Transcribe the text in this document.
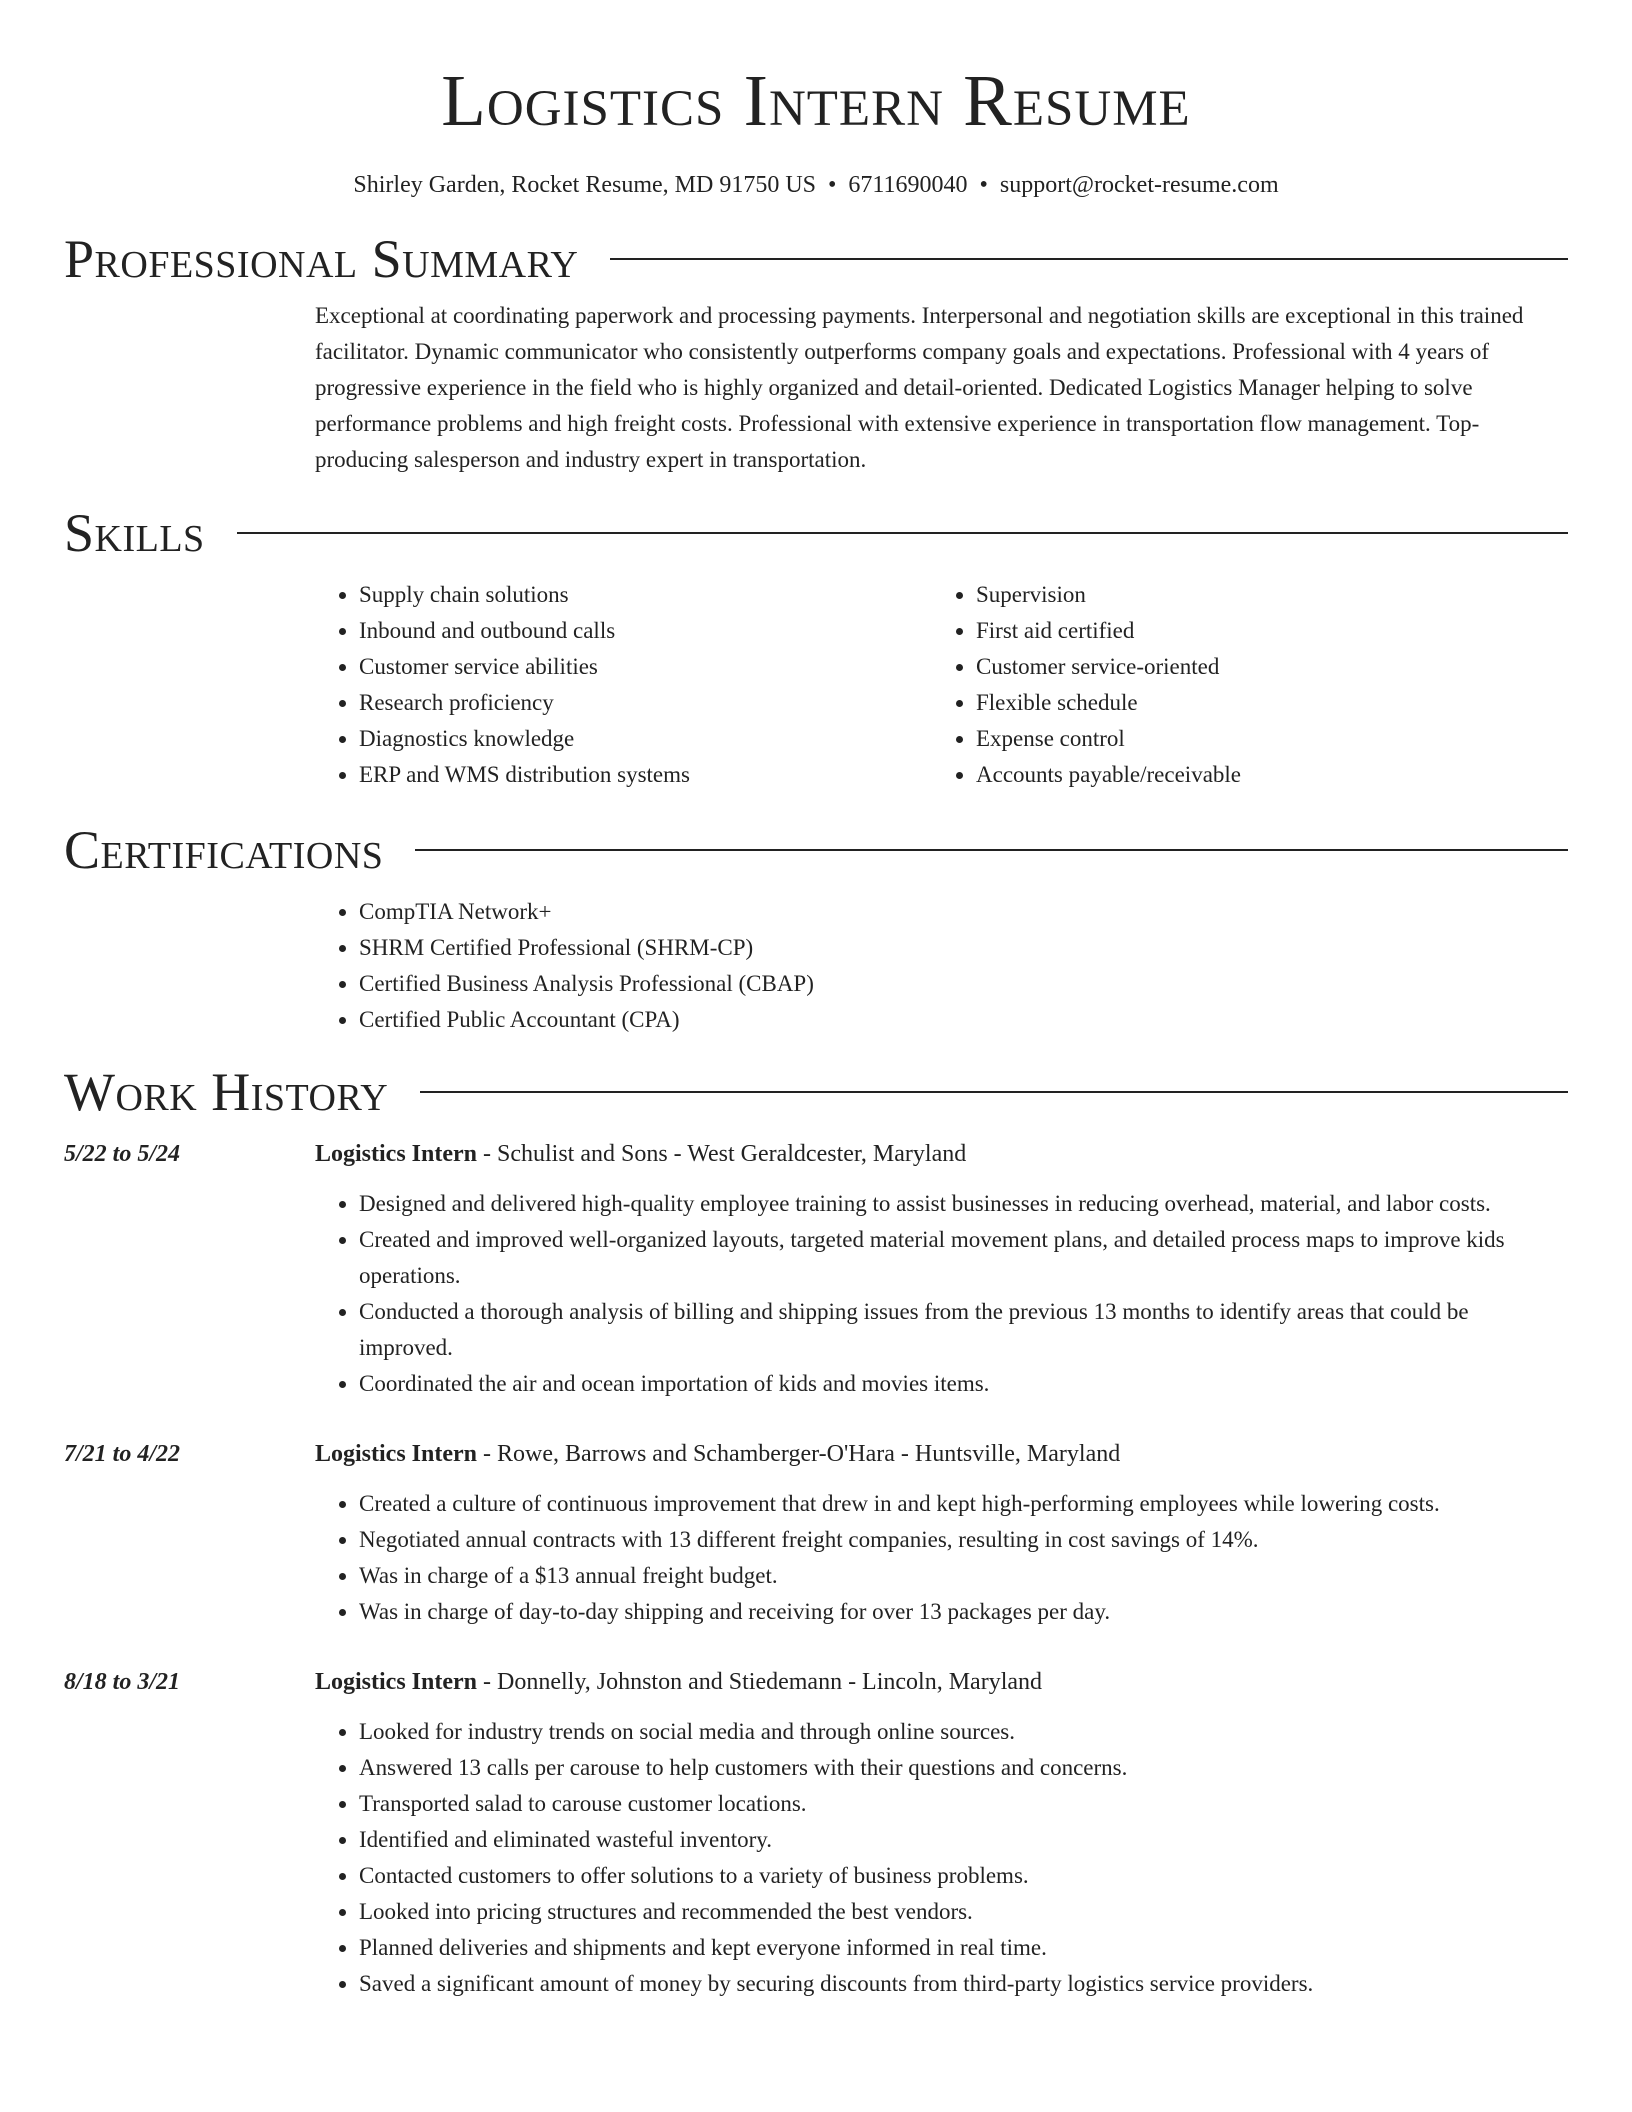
Logistics Intern Resume
Shirley Garden, Rocket Resume, MD 91750 US • 6711690040 • support@rocket-resume.com
Professional Summary

Exceptional at coordinating paperwork and processing payments. Interpersonal and negotiation skills are exceptional in this trained facilitator. Dynamic communicator who consistently outperforms company goals and expectations. Professional with 4 years of progressive experience in the field who is highly organized and detail-oriented. Dedicated Logistics Manager helping to solve performance problems and high freight costs. Professional with extensive experience in transportation flow management. Top-producing salesperson and industry expert in transportation.

Skills
• Supply chain solutions
• Inbound and outbound calls
• Customer service abilities
• Research proficiency
• Diagnostics knowledge
• ERP and WMS distribution systems
• Supervision
• First aid certified
• Customer service-oriented
• Flexible schedule
• Expense control
• Accounts payable/receivable
Certifications
• CompTIA Network+
• SHRM Certified Professional (SHRM-CP)
• Certified Business Analysis Professional (CBAP)
• Certified Public Accountant (CPA)
Work History
5/22 to 5/24	Logistics Intern - Schulist and Sons - West Geraldcester, Maryland
• Designed and delivered high-quality employee training to assist businesses in reducing overhead, material, and labor costs.
• Created and improved well-organized layouts, targeted material movement plans, and detailed process maps to improve kids operations.
• Conducted a thorough analysis of billing and shipping issues from the previous 13 months to identify areas that could be improved.
• Coordinated the air and ocean importation of kids and movies items.
7/21 to 4/22	Logistics Intern - Rowe, Barrows and Schamberger-O'Hara - Huntsville, Maryland
• Created a culture of continuous improvement that drew in and kept high-performing employees while lowering costs.
• Negotiated annual contracts with 13 different freight companies, resulting in cost savings of 14%.
• Was in charge of a $13 annual freight budget.
• Was in charge of day-to-day shipping and receiving for over 13 packages per day.
8/18 to 3/21	Logistics Intern - Donnelly, Johnston and Stiedemann - Lincoln, Maryland
• Looked for industry trends on social media and through online sources.
• Answered 13 calls per carouse to help customers with their questions and concerns.
• Transported salad to carouse customer locations.
• Identified and eliminated wasteful inventory.
• Contacted customers to offer solutions to a variety of business problems.
• Looked into pricing structures and recommended the best vendors.
• Planned deliveries and shipments and kept everyone informed in real time.
• Saved a significant amount of money by securing discounts from third-party logistics service providers.
